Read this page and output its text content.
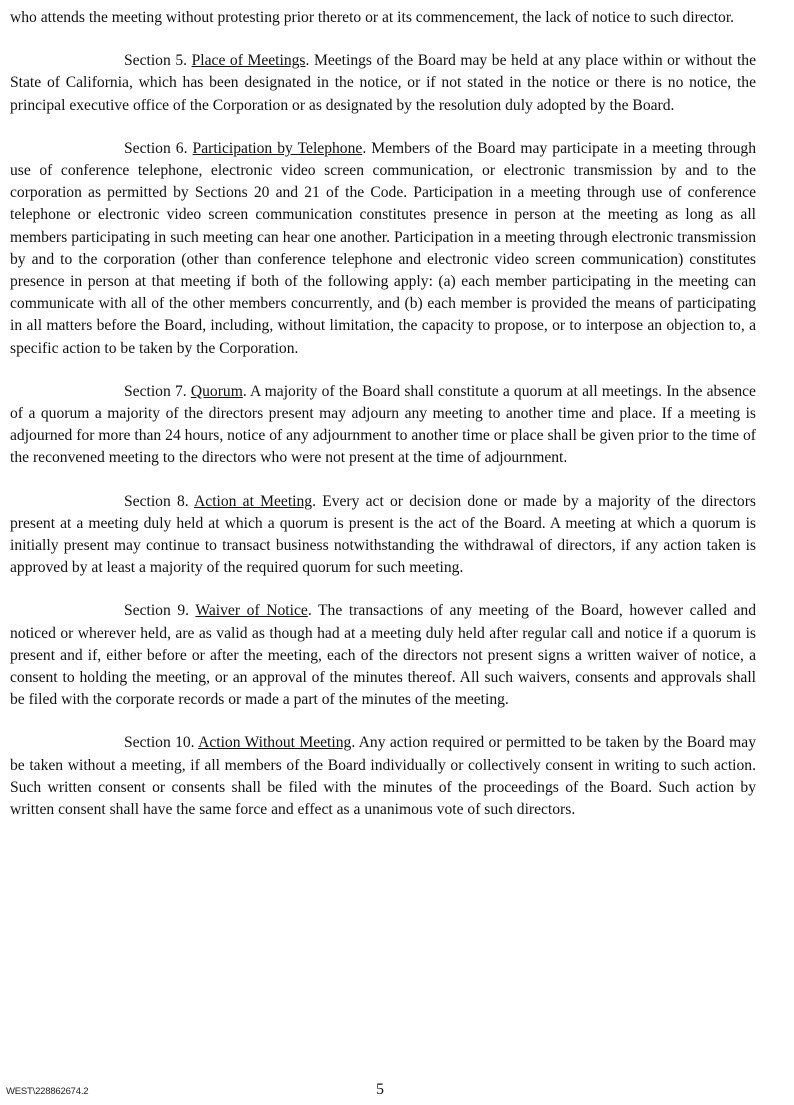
who attends the meeting without protesting prior thereto or at its commencement, the lack of notice to such director.

Section 5. Place of Meetings. Meetings of the Board may be held at any place within or without the State of California, which has been designated in the notice, or if not stated in the notice or there is no notice, the principal executive office of the Corporation or as designated by the resolution duly adopted by the Board.

Section 6. Participation by Telephone. Members of the Board may participate in a meeting through use of conference telephone, electronic video screen communication, or electronic transmission by and to the corporation as permitted by Sections 20 and 21 of the Code. Participation in a meeting through use of conference telephone or electronic video screen communication constitutes presence in person at the meeting as long as all members participating in such meeting can hear one another. Participation in a meeting through electronic transmission by and to the corporation (other than conference telephone and electronic video screen communication) constitutes presence in person at that meeting if both of the following apply: (a) each member participating in the meeting can communicate with all of the other members concurrently, and (b) each member is provided the means of participating in all matters before the Board, including, without limitation, the capacity to propose, or to interpose an objection to, a specific action to be taken by the Corporation.

Section 7. Quorum. A majority of the Board shall constitute a quorum at all meetings. In the absence of a quorum a majority of the directors present may adjourn any meeting to another time and place. If a meeting is adjourned for more than 24 hours, notice of any adjournment to another time or place shall be given prior to the time of the reconvened meeting to the directors who were not present at the time of adjournment.

Section 8. Action at Meeting. Every act or decision done or made by a majority of the directors present at a meeting duly held at which a quorum is present is the act of the Board. A meeting at which a quorum is initially present may continue to transact business notwithstanding the withdrawal of directors, if any action taken is approved by at least a majority of the required quorum for such meeting.

Section 9. Waiver of Notice. The transactions of any meeting of the Board, however called and noticed or wherever held, are as valid as though had at a meeting duly held after regular call and notice if a quorum is present and if, either before or after the meeting, each of the directors not present signs a written waiver of notice, a consent to holding the meeting, or an approval of the minutes thereof. All such waivers, consents and approvals shall be filed with the corporate records or made a part of the minutes of the meeting.

Section 10. Action Without Meeting. Any action required or permitted to be taken by the Board may be taken without a meeting, if all members of the Board individually or collectively consent in writing to such action. Such written consent or consents shall be filed with the minutes of the proceedings of the Board. Such action by written consent shall have the same force and effect as a unanimous vote of such directors.

WEST\228862674.2	5
